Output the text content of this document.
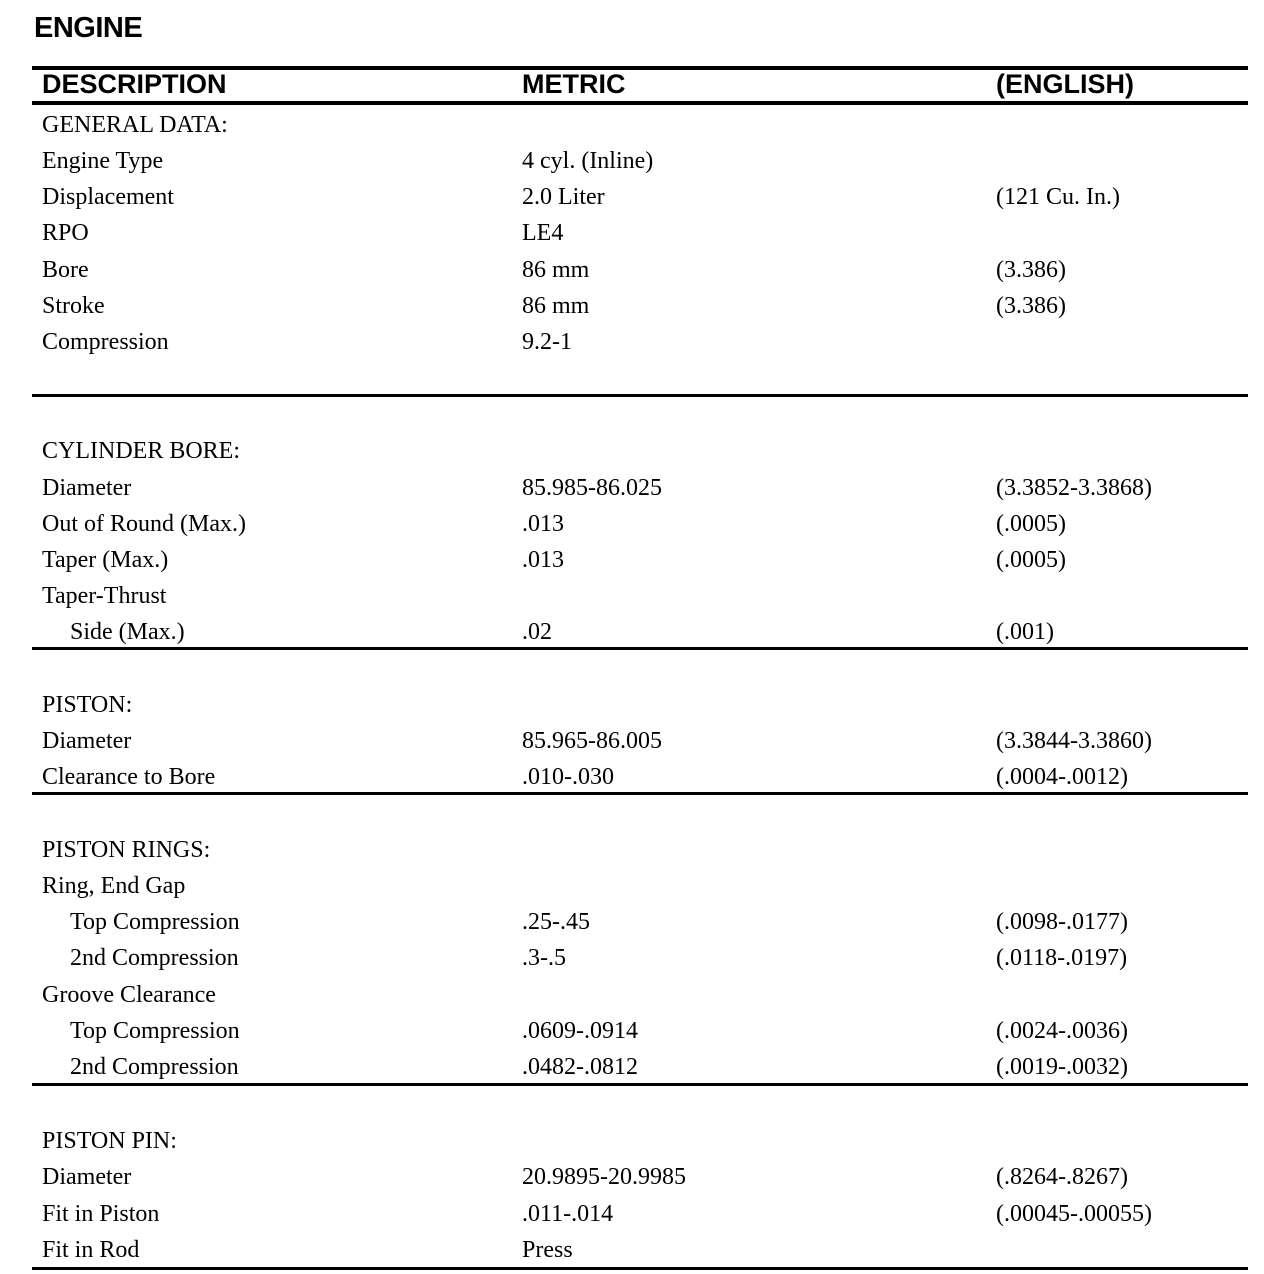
ENGINE
DESCRIPTION	METRIC	(ENGLISH)
GENERAL DATA:
Engine Type	4 cyl. (Inline)
Displacement	2.0 Liter	(121 Cu. In.)
RPO	LE4
Bore	86 mm	(3.386)
Stroke	86 mm	(3.386)
Compression	9.2-1
CYLINDER BORE:
Diameter	85.985-86.025	(3.3852-3.3868)
Out of Round (Max.)	.013	(.0005)
Taper (Max.)	.013	(.0005)
Taper-Thrust
Side (Max.)	.02	(.001)
PISTON:
Diameter	85.965-86.005	(3.3844-3.3860)
Clearance to Bore	.010-.030	(.0004-.0012)
PISTON RINGS:
Ring, End Gap
Top Compression	.25-.45	(.0098-.0177)
2nd Compression	.3-.5	(.0118-.0197)
Groove Clearance
Top Compression	.0609-.0914	(.0024-.0036)
2nd Compression	.0482-.0812	(.0019-.0032)
PISTON PIN:
Diameter	20.9895-20.9985	(.8264-.8267)
Fit in Piston	.011-.014	(.00045-.00055)
Fit in Rod	Press
